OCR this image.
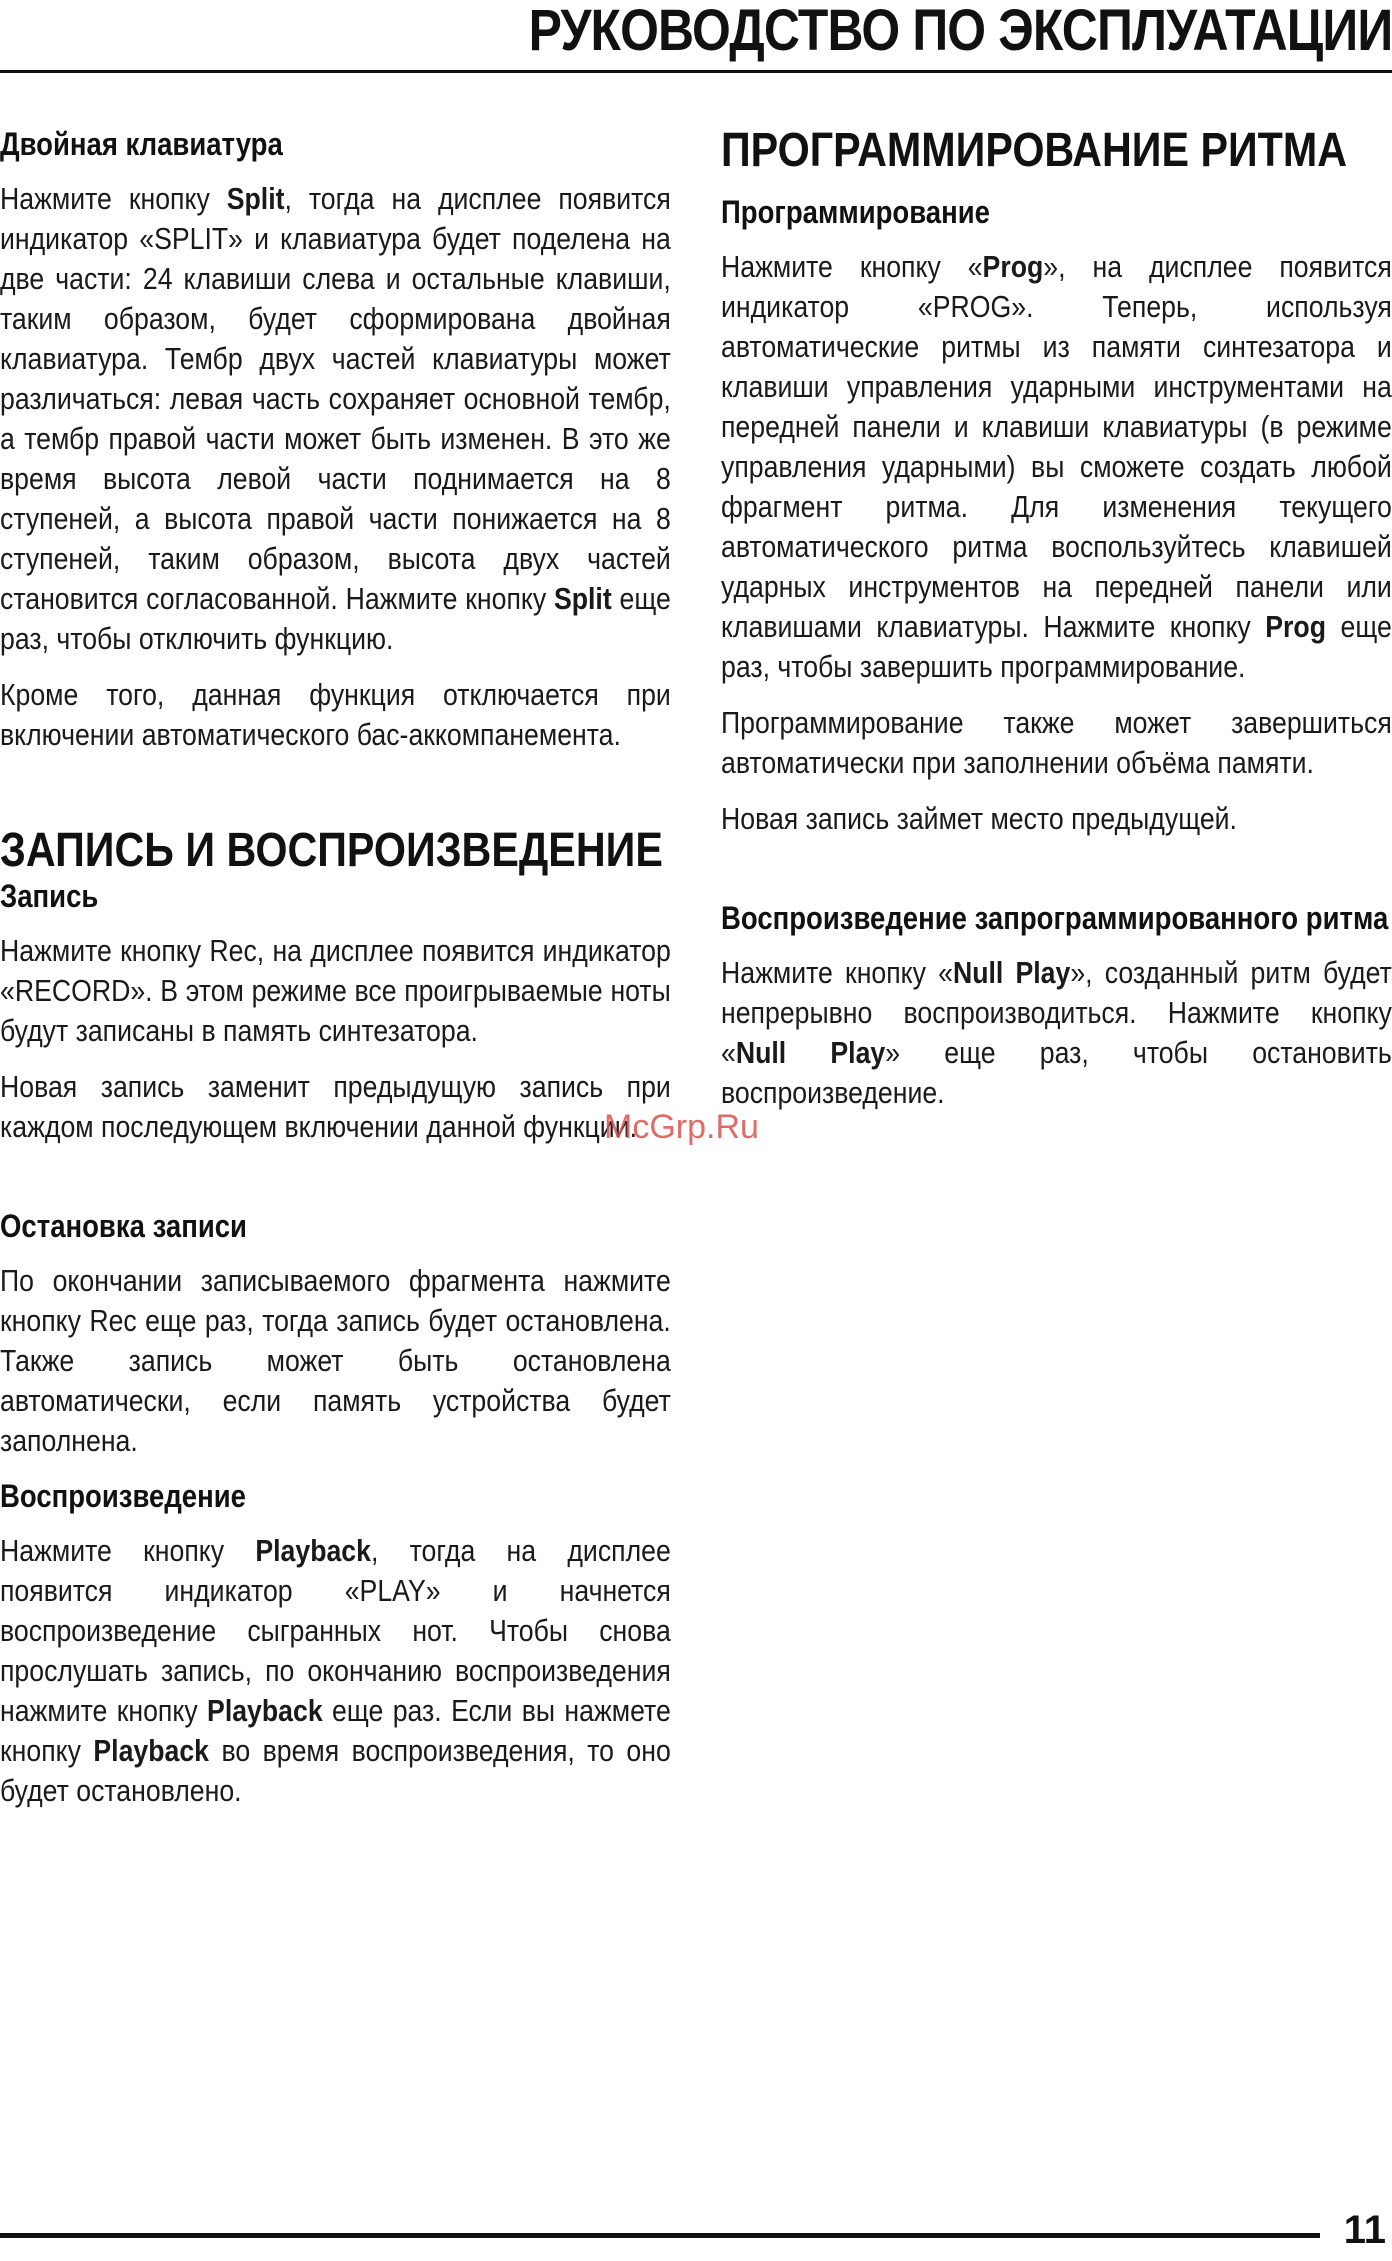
РУКОВОДСТВО ПО ЭКСПЛУАТАЦИИ
Двойная клавиатура

Нажмите кнопку Split, тогда на дисплее появится индикатор «SPLIT» и клавиатура будет поделена на две части: 24 клавиши слева и остальные клавиши, таким образом, будет сформирована двойная клавиатура. Тембр двух частей клавиатуры может различаться: левая часть сохраняет основной тембр, а тембр правой части может быть изменен. В это же время высота левой части поднимается на 8 ступеней, а высота правой части понижается на 8 ступеней, таким образом, высота двух частей становится согласованной. Нажмите кнопку Split еще раз, чтобы отключить функцию.

Кроме того, данная функция отключается при включении автоматического бас-аккомпанемента.

ЗАПИСЬ И ВОСПРОИЗВЕДЕНИЕ
Запись

Нажмите кнопку Rec, на дисплее появится индикатор «RECORD». В этом режиме все проигрываемые ноты будут записаны в память синтезатора.

Новая запись заменит предыдущую запись при каждом последующем включении данной функции.

Остановка записи

По окончании записываемого фрагмента нажмите кнопку Rec еще раз, тогда запись будет остановлена. Также запись может быть остановлена автоматически, если память устройства будет заполнена.

Воспроизведение

Нажмите кнопку Playback, тогда на дисплее появится индикатор «PLAY» и начнется воспроизведение сыгранных нот. Чтобы снова прослушать запись, по окончанию воспроизведения нажмите кнопку Playback еще раз. Если вы нажмете кнопку Playback во время воспроизведения, то оно будет остановлено.

ПРОГРАММИРОВАНИЕ РИТМА
Программирование

Нажмите кнопку «Prog», на дисплее появится индикатор «PROG». Теперь, используя автоматические ритмы из памяти синтезатора и клавиши управления ударными инструментами на передней панели и клавиши клавиатуры (в режиме управления ударными) вы сможете создать любой фрагмент ритма. Для изменения текущего автоматического ритма воспользуйтесь клавишей ударных инструментов на передней панели или клавишами клавиатуры. Нажмите кнопку Prog еще раз, чтобы завершить программирование.

Программирование также может завершиться автоматически при заполнении объёма памяти.

Новая запись займет место предыдущей.

Воспроизведение запрограммированного ритма

Нажмите кнопку «Null Play», созданный ритм будет непрерывно воспроизводиться. Нажмите кнопку «Null Play» еще раз, чтобы остановить воспроизведение.

McGrp.Ru
11
